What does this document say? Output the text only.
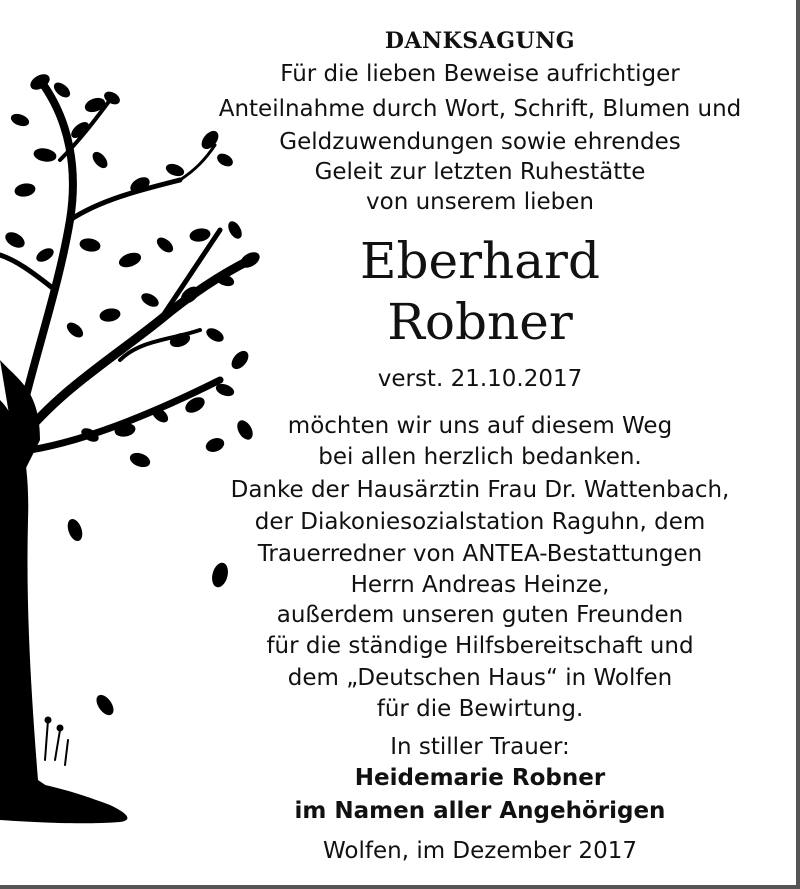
DANKSAGUNG
Für die lieben Beweise aufrichtiger
Anteilnahme durch Wort, Schrift, Blumen und
Geldzuwendungen sowie ehrendes
Geleit zur letzten Ruhestätte
von unserem lieben
Eberhard
Robner
verst. 21.10.2017
möchten wir uns auf diesem Weg
bei allen herzlich bedanken.
Danke der Hausärztin Frau Dr. Wattenbach,
der Diakoniesozialstation Raguhn, dem
Trauerredner von ANTEA-Bestattungen
Herrn Andreas Heinze,
außerdem unseren guten Freunden
für die ständige Hilfsbereitschaft und
dem „Deutschen Haus“ in Wolfen
für die Bewirtung.
In stiller Trauer:
Heidemarie Robner
im Namen aller Angehörigen
Wolfen, im Dezember 2017
